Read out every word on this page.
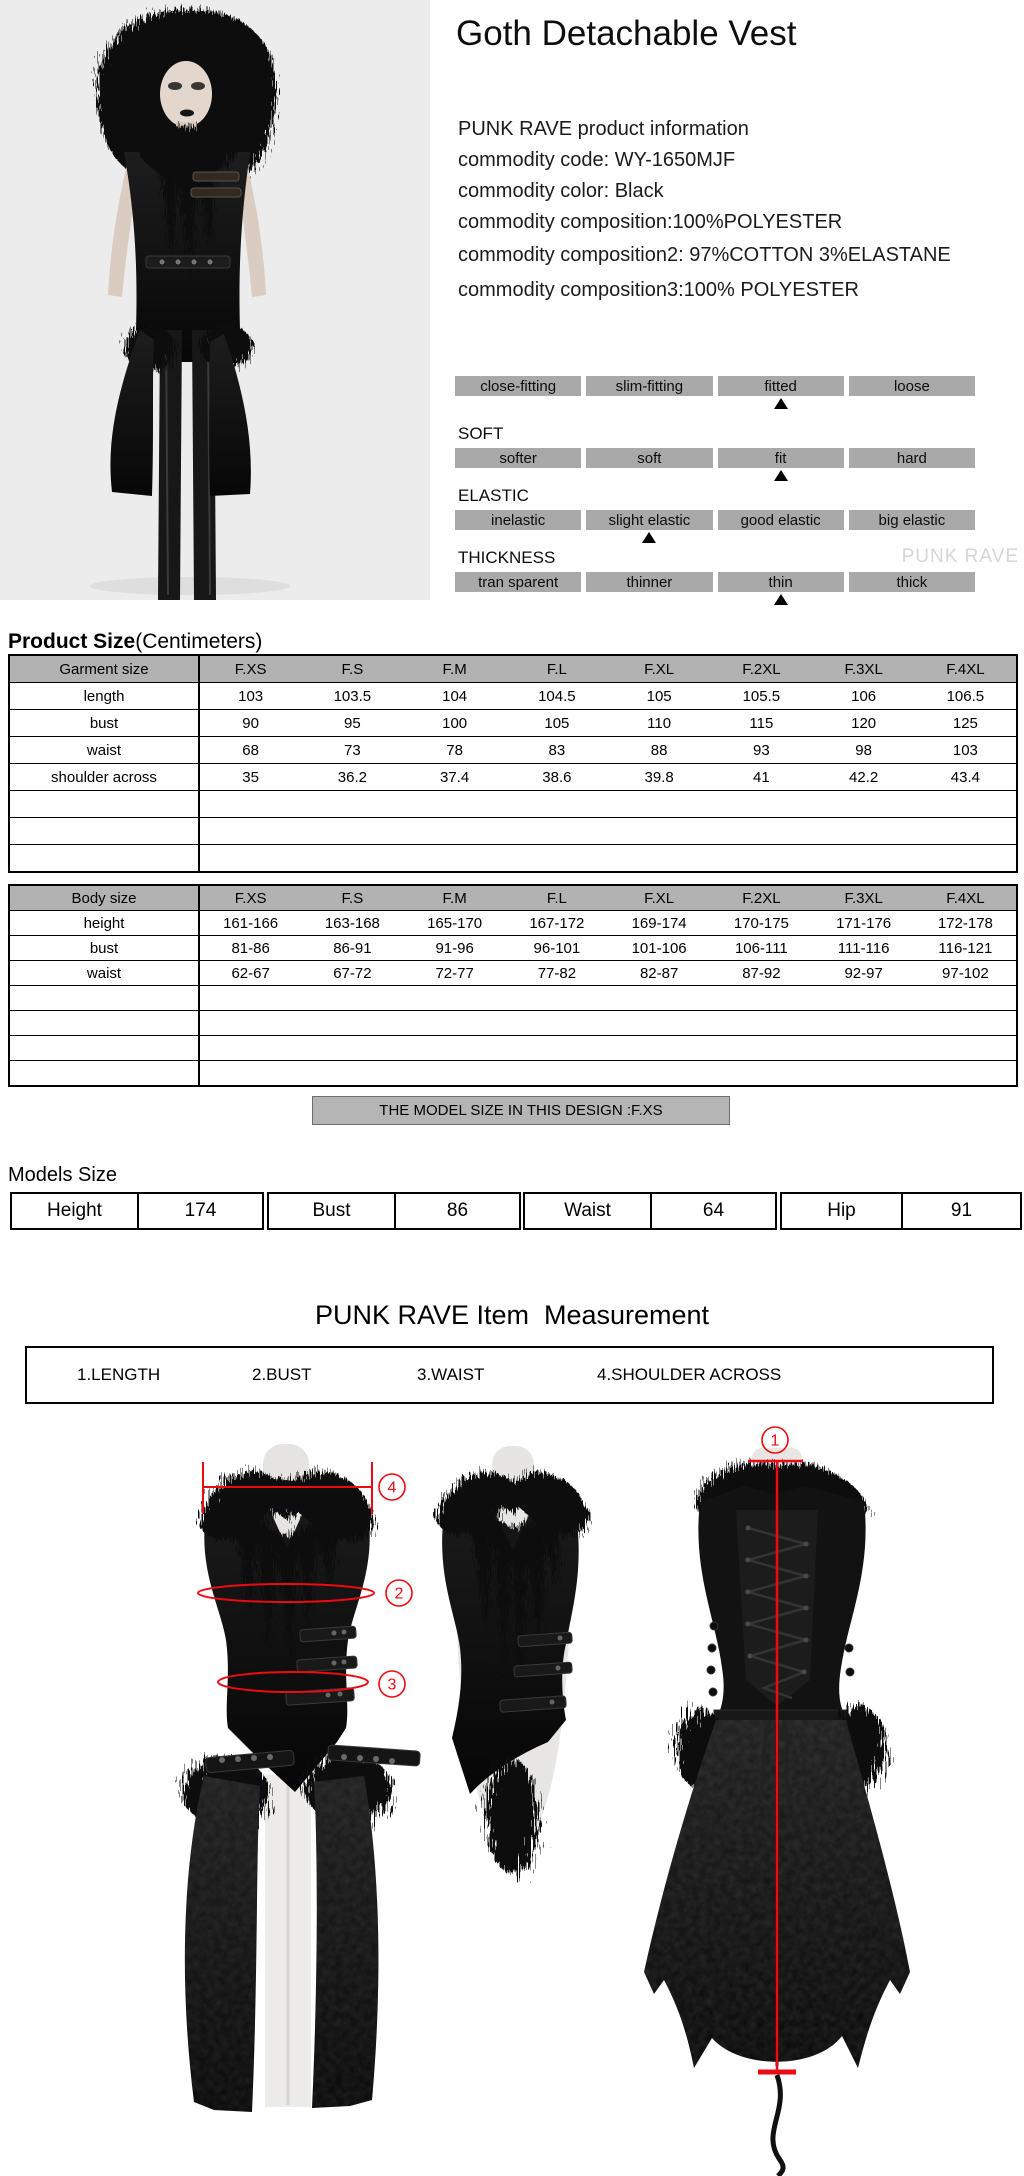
PUNK RAVE
Goth Detachable Vest
PUNK RAVE product information
Product Size(Centimeters)
Garment size	F.XS	F.S	F.M	F.L	F.XL	F.2XL	F.3XL	F.4XL
length	103	103.5	104	104.5	105	105.5	106	106.5
bust	90	95	100	105	110	115	120	125
waist	68	73	78	83	88	93	98	103
shoulder across	35	36.2	37.4	38.6	39.8	41	42.2	43.4

Body size	F.XS	F.S	F.M	F.L	F.XL	F.2XL	F.3XL	F.4XL
height	161-166	163-168	165-170	167-172	169-174	170-175	171-176	172-178
bust	81-86	86-91	91-96	96-101	101-106	106-111	111-116	116-121
waist	62-67	67-72	72-77	77-82	82-87	87-92	92-97	97-102

THE MODEL SIZE IN THIS DESIGN :F.XS
Models Size
PUNK RAVE Item  Measurement
1.LENGTH	2.BUST	3.WAIST	4.SHOULDER ACROSS
4
2
3
1
commodity code: WY-1650MJF
commodity color: Black
commodity composition:100%POLYESTER
commodity composition2: 97%COTTON 3%ELASTANE
commodity composition3:100% POLYESTER
close-fitting	slim-fitting	fitted	loose
SOFT
softer	soft	fit	hard
ELASTIC
inelastic	slight elastic	good elastic	big elastic
THICKNESS
tran sparent	thinner	thin	thick
Height	174	Bust	86	Waist	64	Hip	91
